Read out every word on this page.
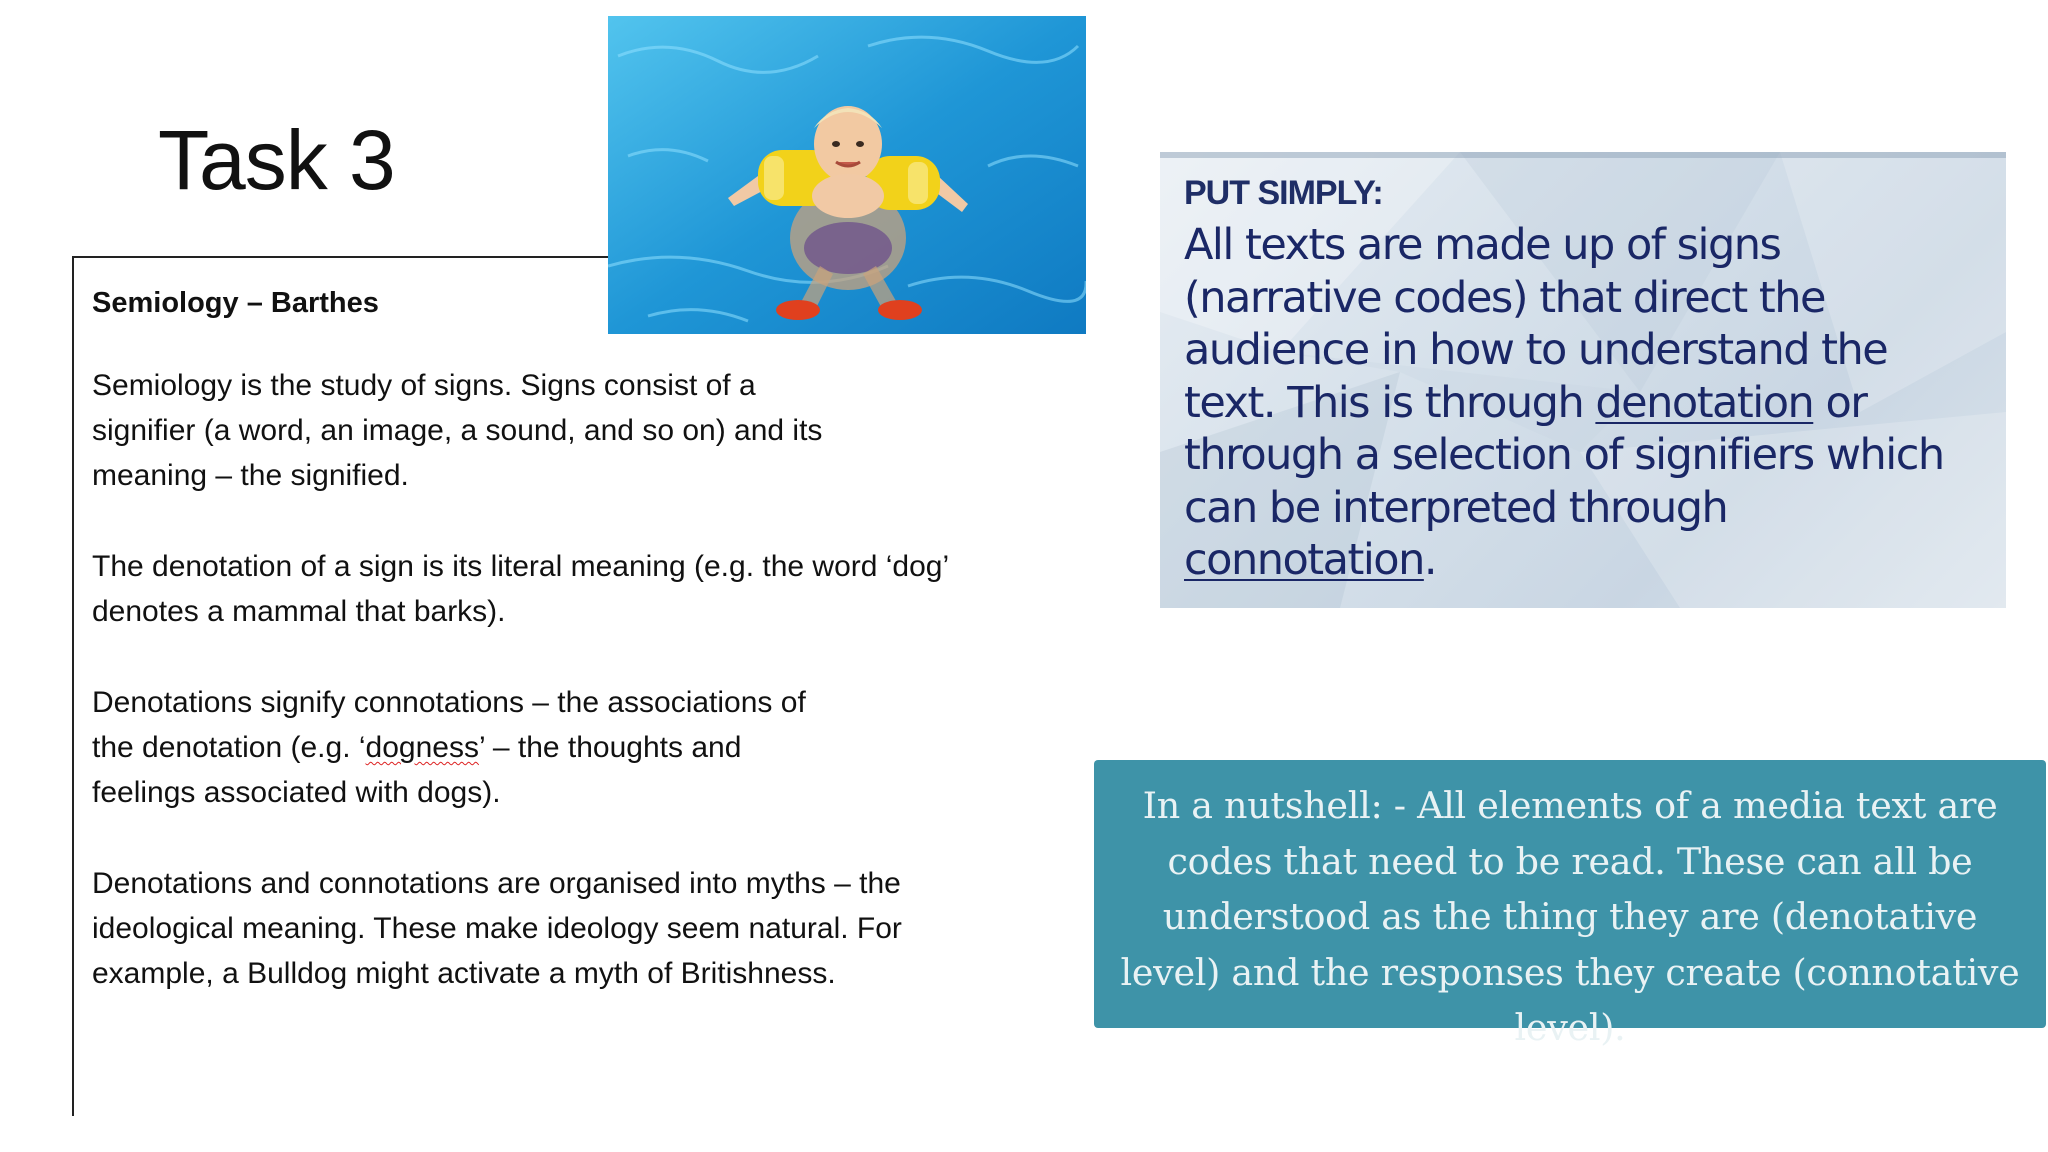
Task 3
Semiology – Barthes

Semiology is the study of signs. Signs consist of a signifier (a word, an image, a sound, and so on) and its meaning – the signified.

The denotation of a sign is its literal meaning (e.g. the word ‘dog’ denotes a mammal that barks).

Denotations signify connotations – the associations of the denotation (e.g. ‘dogness’ – the thoughts and feelings associated with dogs).

Denotations and connotations are organised into myths – the ideological meaning. These make ideology seem natural. For example, a Bulldog might activate a myth of Britishness.

PUT SIMPLY:

All texts are made up of signs (narrative codes) that direct the audience in how to understand the text. This is through denotation or through a selection of signifiers which can be interpreted through connotation.

In a nutshell: - All elements of a media text are codes that need to be read. These can all be understood as the thing they are (denotative level) and the responses they create (connotative level).
